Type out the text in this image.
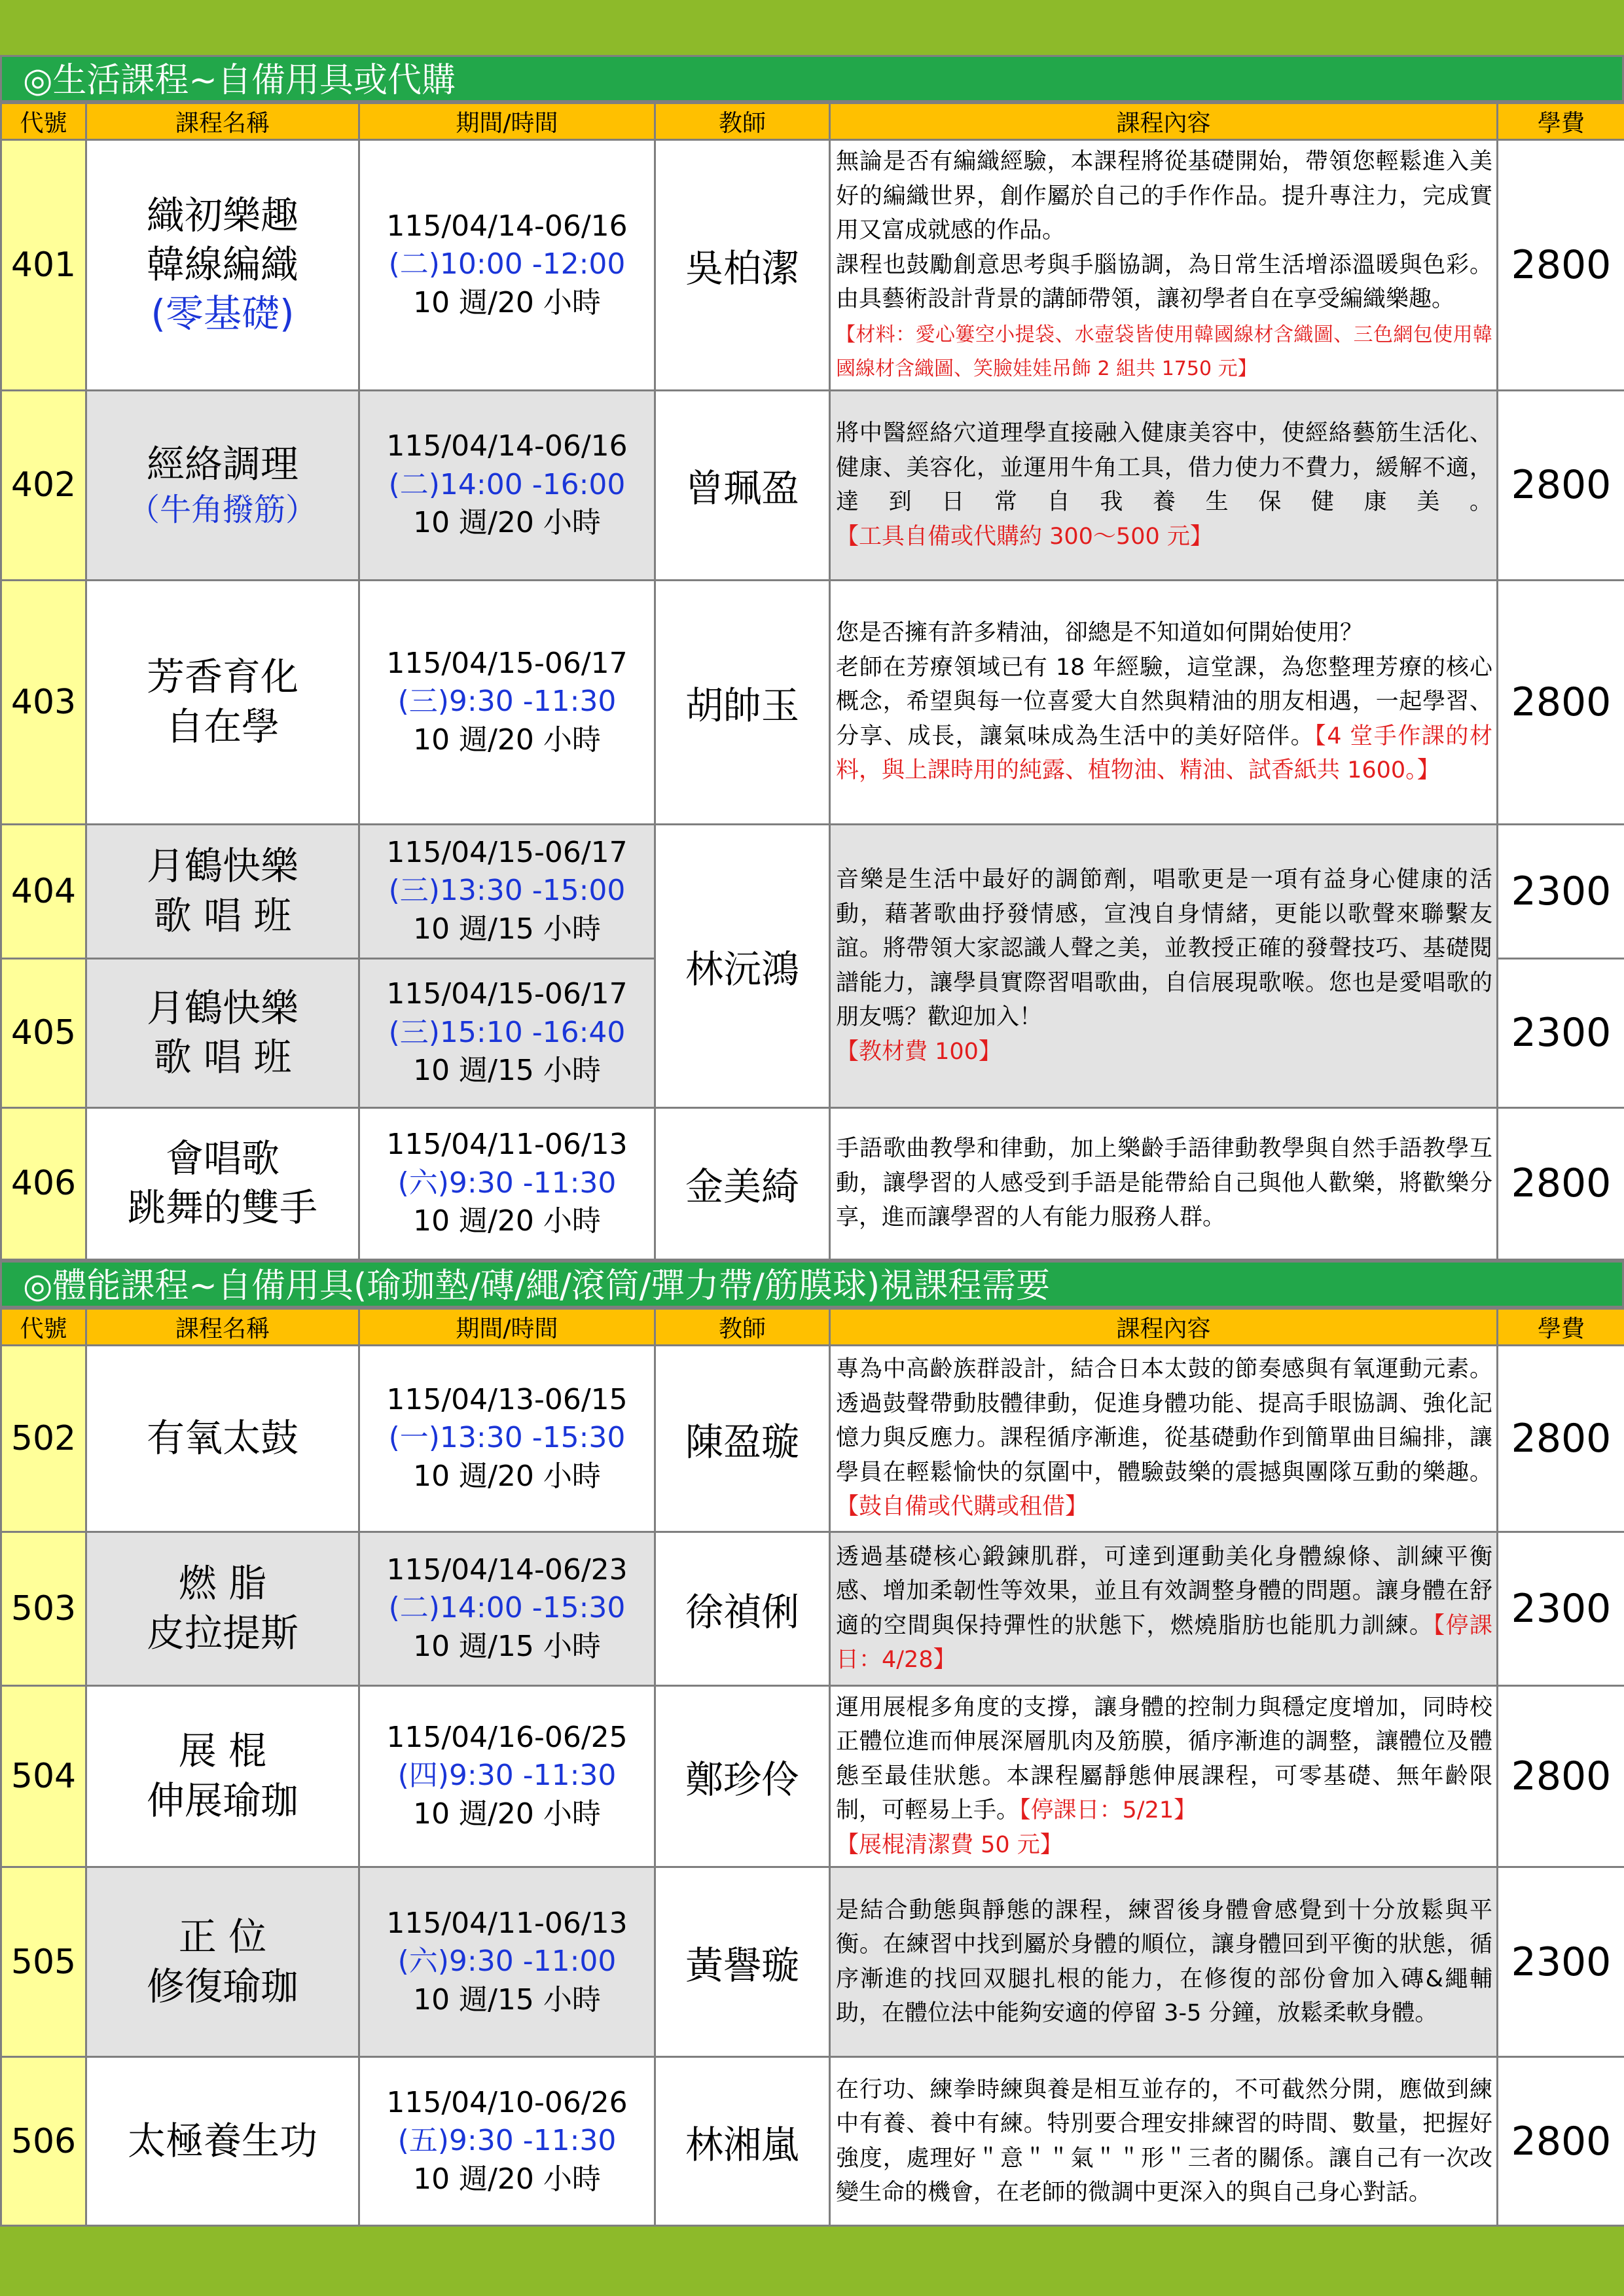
◎生活課程~自備用具或代購
代號	課程名稱	期間/時間	教師	課程內容	學費
401	織初樂趣
韓線編織
(零基礎)	115/04/14-06/16
(二)10:00 -12:00
10 週/20 小時	吳柏潔	無論是否有編織經驗，本課程將從基礎開始，帶領您輕鬆進入美好的編織世界，創作屬於自己的手作作品。提升專注力，完成實用又富成就感的作品。
課程也鼓勵創意思考與手腦協調，為日常生活增添溫暖與色彩。 由具藝術設計背景的講師帶領，讓初學者自在享受編織樂趣。
【材料：愛心簍空小提袋、水壺袋皆使用韓國線材含織圖、三色網包使用韓國線材含織圖、笑臉娃娃吊飾 2 組共 1750 元】	2800
402	經絡調理
（牛角撥筋）	115/04/14-06/16
(二)14:00 -16:00
10 週/20 小時	曾珮盈	將中醫經絡穴道理學直接融入健康美容中，使經絡藝筋生活化、健康、美容化，並運用牛角工具，借力使力不費力，緩解不適，達到日常自我養生保健康美。【工具自備或代購約 300～500 元】	2800
403	芳香育化
自在學	115/04/15-06/17
(三)9:30 -11:30
10 週/20 小時	胡帥玉	您是否擁有許多精油，卻總是不知道如何開始使用？
老師在芳療領域已有 18 年經驗，這堂課，為您整理芳療的核心概念，希望與每一位喜愛大自然與精油的朋友相遇，一起學習、分享、成長，讓氣味成為生活中的美好陪伴。【4 堂手作課的材料，與上課時用的純露、植物油、精油、試香紙共 1600。】	2800
404	月鶴快樂
歌 唱 班	115/04/15-06/17
(三)13:30 -15:00
10 週/15 小時	林沅鴻	音樂是生活中最好的調節劑，唱歌更是一項有益身心健康的活動，藉著歌曲抒發情感，宣洩自身情緒，更能以歌聲來聯繫友誼。將帶領大家認識人聲之美，並教授正確的發聲技巧、基礎閱譜能力，讓學員實際習唱歌曲，自信展現歌喉。您也是愛唱歌的朋友嗎？歡迎加入！
【教材費 100】	2300
405	月鶴快樂
歌 唱 班	115/04/15-06/17
(三)15:10 -16:40
10 週/15 小時			2300
406	會唱歌
跳舞的雙手	115/04/11-06/13
(六)9:30 -11:30
10 週/20 小時	金美綺	手語歌曲教學和律動，加上樂齡手語律動教學與自然手語教學互動，讓學習的人感受到手語是能帶給自己與他人歡樂，將歡樂分享，進而讓學習的人有能力服務人群。	2800
◎體能課程~自備用具(瑜珈墊/磚/繩/滾筒/彈力帶/筋膜球)視課程需要
代號	課程名稱	期間/時間	教師	課程內容	學費
502	有氧太鼓	115/04/13-06/15
(一)13:30 -15:30
10 週/20 小時	陳盈璇	專為中高齡族群設計，結合日本太鼓的節奏感與有氧運動元素。透過鼓聲帶動肢體律動，促進身體功能、提高手眼協調、強化記憶力與反應力。課程循序漸進，從基礎動作到簡單曲目編排，讓學員在輕鬆愉快的氛圍中，體驗鼓樂的震撼與團隊互動的樂趣。【鼓自備或代購或租借】	2800
503	燃 脂
皮拉提斯	115/04/14-06/23
(二)14:00 -15:30
10 週/15 小時	徐禎俐	透過基礎核心鍛鍊肌群，可達到運動美化身體線條、訓練平衡感、增加柔韌性等效果，並且有效調整身體的問題。讓身體在舒適的空間與保持彈性的狀態下，燃燒脂肪也能肌力訓練。【停課日：4/28】	2300
504	展 棍
伸展瑜珈	115/04/16-06/25
(四)9:30 -11:30
10 週/20 小時	鄭珍伶	運用展棍多角度的支撐，讓身體的控制力與穩定度增加，同時校正體位進而伸展深層肌肉及筋膜，循序漸進的調整，讓體位及體態至最佳狀態。本課程屬靜態伸展課程，可零基礎、無年齡限制，可輕易上手。【停課日：5/21】
【展棍清潔費 50 元】	2800
505	正 位
修復瑜珈	115/04/11-06/13
(六)9:30 -11:00
10 週/15 小時	黃譽璇	是結合動態與靜態的課程，練習後身體會感覺到十分放鬆與平衡。在練習中找到屬於身體的順位，讓身體回到平衡的狀態，循序漸進的找回双腿扎根的能力，在修復的部份會加入磚&繩輔助，在體位法中能夠安適的停留 3-5 分鐘，放鬆柔軟身體。	2300
506	太極養生功	115/04/10-06/26
(五)9:30 -11:30
10 週/20 小時	林湘嵐	在行功、練拳時練與養是相互並存的，不可截然分開，應做到練中有養、養中有練。特別要合理安排練習的時間、數量，把握好強度，處理好＂意＂＂氣＂＂形＂三者的關係。讓自己有一次改變生命的機會，在老師的微調中更深入的與自己身心對話。	2800
